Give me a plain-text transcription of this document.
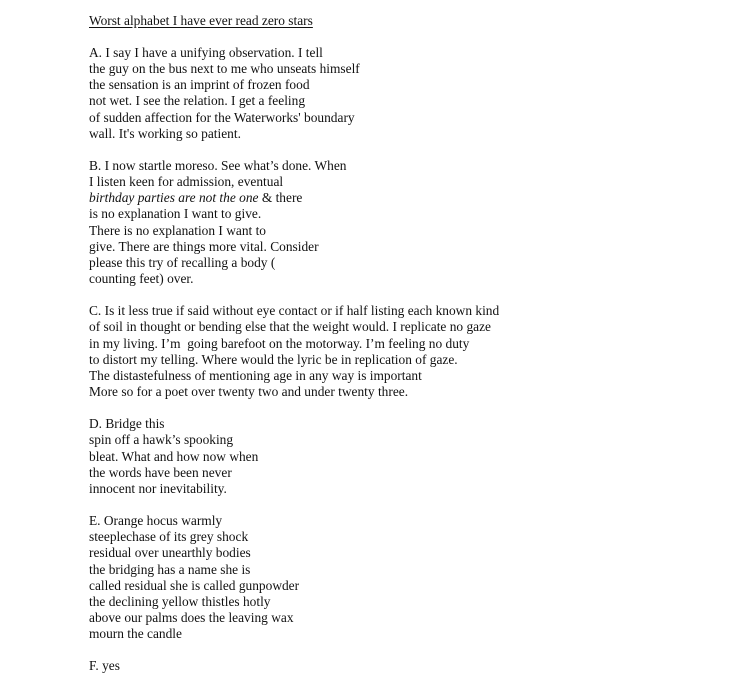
Worst alphabet I have ever read zero stars

A. I say I have a unifying observation. I tell

the guy on the bus next to me who unseats himself

the sensation is an imprint of frozen food

not wet. I see the relation. I get a feeling

of sudden affection for the Waterworks' boundary

wall. It's working so patient.

B. I now startle moreso. See what’s done. When

I listen keen for admission, eventual

birthday parties are not the one & there

is no explanation I want to give.

There is no explanation I want to

give. There are things more vital. Consider

please this try of recalling a body (

counting feet) over.

C. Is it less true if said without eye contact or if half listing each known kind

of soil in thought or bending else that the weight would. I replicate no gaze

in my living. I’m  going barefoot on the motorway. I’m feeling no duty

to distort my telling. Where would the lyric be in replication of gaze.

The distastefulness of mentioning age in any way is important

More so for a poet over twenty two and under twenty three.

D. Bridge this

spin off a hawk’s spooking

bleat. What and how now when

the words have been never

innocent nor inevitability.

E. Orange hocus warmly

steeplechase of its grey shock

residual over unearthly bodies

the bridging has a name she is

called residual she is called gunpowder

the declining yellow thistles hotly

above our palms does the leaving wax

mourn the candle

F. yes
